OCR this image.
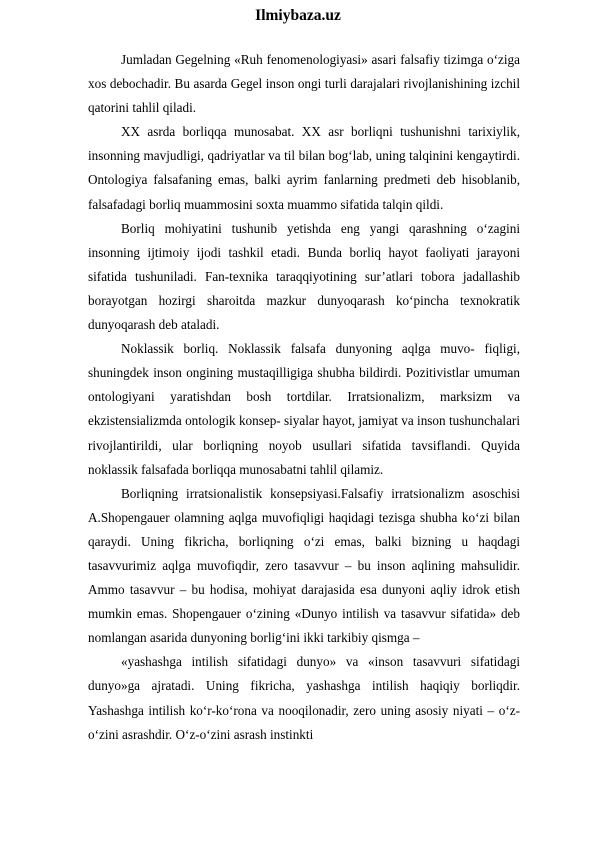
Ilmiybaza.uz

Jumladan Gegelning «Ruh fenomenologiyasi» asari falsafiy tizimga o‘ziga xos debochadir. Bu asarda Gegel inson ongi turli darajalari rivojlanishining izchil qatorini tahlil qiladi.

XX asrda borliqqa munosabat. XX asr borliqni tushunishni tarixiylik, insonning mavjudligi, qadriyatlar va til bilan bog‘lab, uning talqinini kengaytirdi. Ontologiya falsafaning emas, balki ayrim fanlarning predmeti deb hisoblanib, falsafadagi borliq muammosini soxta muammo sifatida talqin qildi.

Borliq mohiyatini tushunib yetishda eng yangi qarashning o‘zagini insonning ijtimoiy ijodi tashkil etadi. Bunda borliq hayot faoliyati jarayoni sifatida tushuniladi. Fan-texnika taraqqiyotining sur’atlari tobora jadallashib borayotgan hozirgi sharoitda mazkur dunyoqarash ko‘pincha texnokratik dunyoqarash deb ataladi.

Noklassik borliq. Noklassik falsafa dunyoning aqlga muvo- fiqligi, shuningdek inson ongining mustaqilligiga shubha bildirdi. Pozitivistlar umuman ontologiyani yaratishdan bosh tortdilar. Irratsionalizm, marksizm va ekzistensializmda ontologik konsep- siyalar hayot, jamiyat va inson tushunchalari rivojlantirildi, ular borliqning noyob usullari sifatida tavsiflandi. Quyida noklassik falsafada borliqqa munosabatni tahlil qilamiz.

Borliqning irratsionalistik konsepsiyasi.Falsafiy irratsionalizm asoschisi A.Shopengauer olamning aqlga muvofiqligi haqidagi tezisga shubha ko‘zi bilan qaraydi. Uning fikricha, borliqning o‘zi emas, balki bizning u haqdagi tasavvurimiz aqlga muvofiqdir, zero tasavvur – bu inson aqlining mahsulidir. Ammo tasavvur – bu hodisa, mohiyat darajasida esa dunyoni aqliy idrok etish mumkin emas. Shopengauer o‘zining «Dunyo intilish va tasavvur sifatida» deb nomlangan asarida dunyoning borlig‘ini ikki tarkibiy qismga –

«yashashga intilish sifatidagi dunyo» va «inson tasavvuri sifatidagi dunyo»ga ajratadi. Uning fikricha, yashashga intilish haqiqiy borliqdir. Yashashga intilish ko‘r-ko‘rona va nooqilonadir, zero uning asosiy niyati – o‘z-o‘zini asrashdir. O‘z-o‘zini asrash instinkti
